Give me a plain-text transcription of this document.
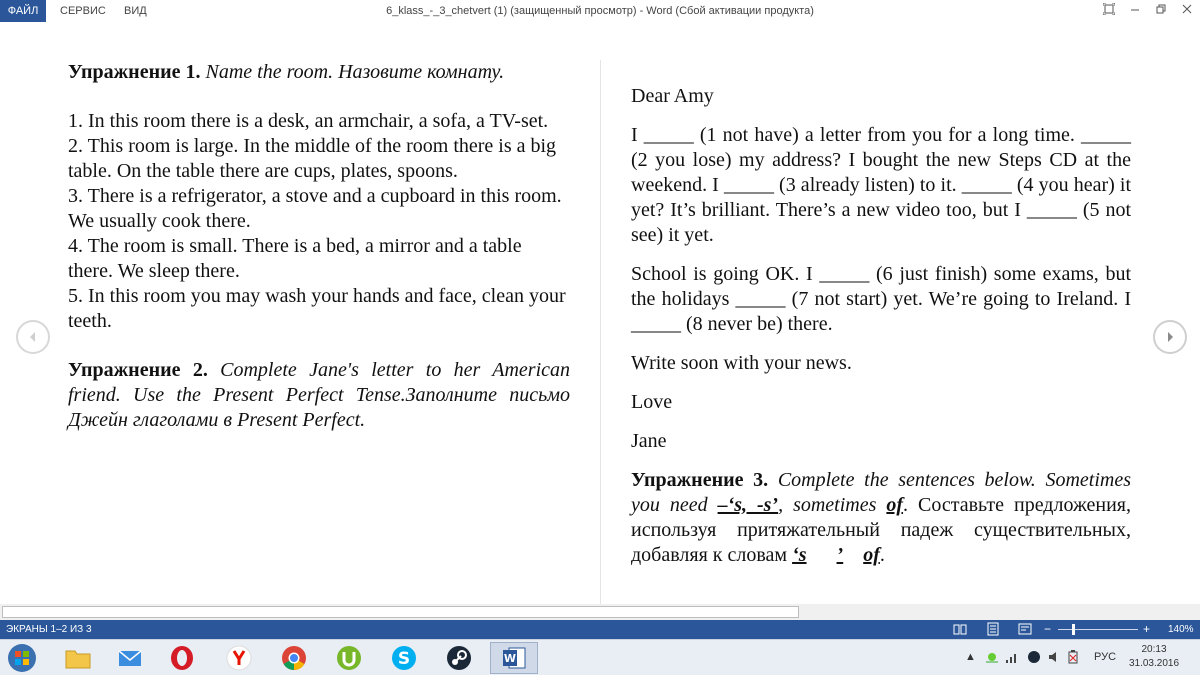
ФАЙЛ	СЕРВИС	ВИД	6_klass_-_3_chetvert (1) (защищенный просмотр) - Word (Сбой активации продукта)

Упражнение 1. Name the room. Назовите комнату.

1. In this room there is a desk, an armchair, a sofa, a TV-set.

2. This room is large. In the middle of the room there is a big table. On the table there are cups, plates, spoons.

3. There is a refrigerator, a stove and a cupboard in this room. We usually cook there.

4. The room is small. There is a bed, a mirror and a table there. We sleep there.

5. In this room you may wash your hands and face, clean your teeth.

Упражнение 2. Complete Jane's letter to her American friend. Use the Present Perfect Tense.Заполните письмо Джейн глаголами в Present Perfect.

Dear Amy

I _____ (1 not have) a letter from you for a long time. _____ (2 you lose) my address? I bought the new Steps CD at the weekend. I _____ (3 already listen) to it. _____ (4 you hear) it yet? It’s brilliant. There’s a new video too, but I _____ (5 not see) it yet.

School is going OK. I _____ (6 just finish) some exams, but the holidays _____ (7 not start) yet. We’re going to Ireland. I _____ (8 never be) there.

Write soon with your news.

Love

Jane

Упражнение 3. Complete the sentences below. Sometimes you need –‘s, -s’, sometimes of. Составьте предложения, используя притяжательный падеж существительных, добавляя к словам ‘s ’ of.

ЭКРАНЫ 1–2 ИЗ 3	−	+ 140%
S	W	▲	РУС
20:13
31.03.2016
